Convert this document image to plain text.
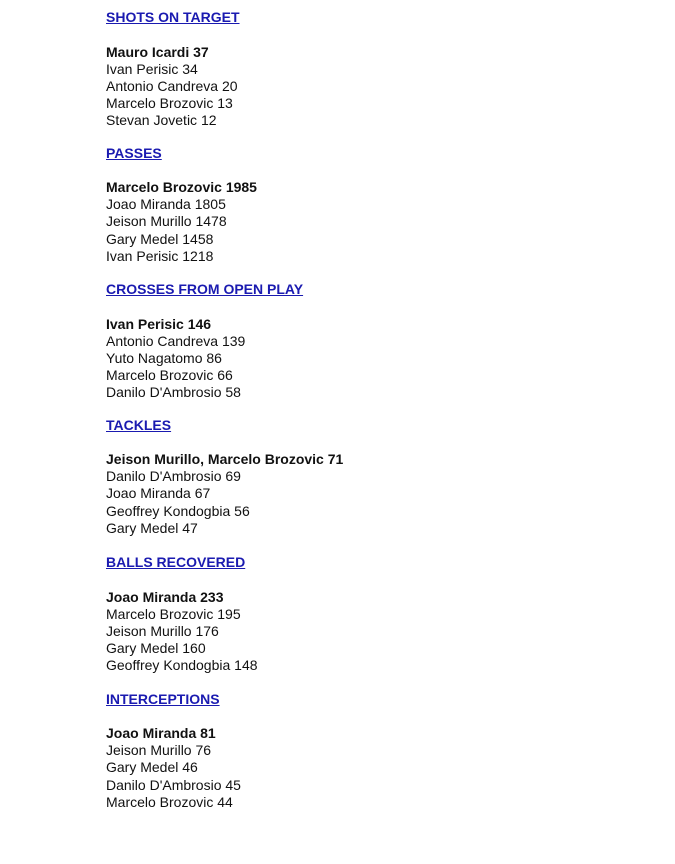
SHOTS ON TARGET
Mauro Icardi 37
Ivan Perisic 34
Antonio Candreva 20
Marcelo Brozovic 13
Stevan Jovetic 12
PASSES
Marcelo Brozovic 1985
Joao Miranda 1805
Jeison Murillo 1478
Gary Medel 1458
Ivan Perisic 1218
CROSSES FROM OPEN PLAY
Ivan Perisic 146
Antonio Candreva 139
Yuto Nagatomo 86
Marcelo Brozovic 66
Danilo D'Ambrosio 58
TACKLES
Jeison Murillo, Marcelo Brozovic 71
Danilo D'Ambrosio 69
Joao Miranda 67
Geoffrey Kondogbia 56
Gary Medel 47
BALLS RECOVERED
Joao Miranda 233
Marcelo Brozovic 195
Jeison Murillo 176
Gary Medel 160
Geoffrey Kondogbia 148
INTERCEPTIONS
Joao Miranda 81
Jeison Murillo 76
Gary Medel 46
Danilo D'Ambrosio 45
Marcelo Brozovic 44
